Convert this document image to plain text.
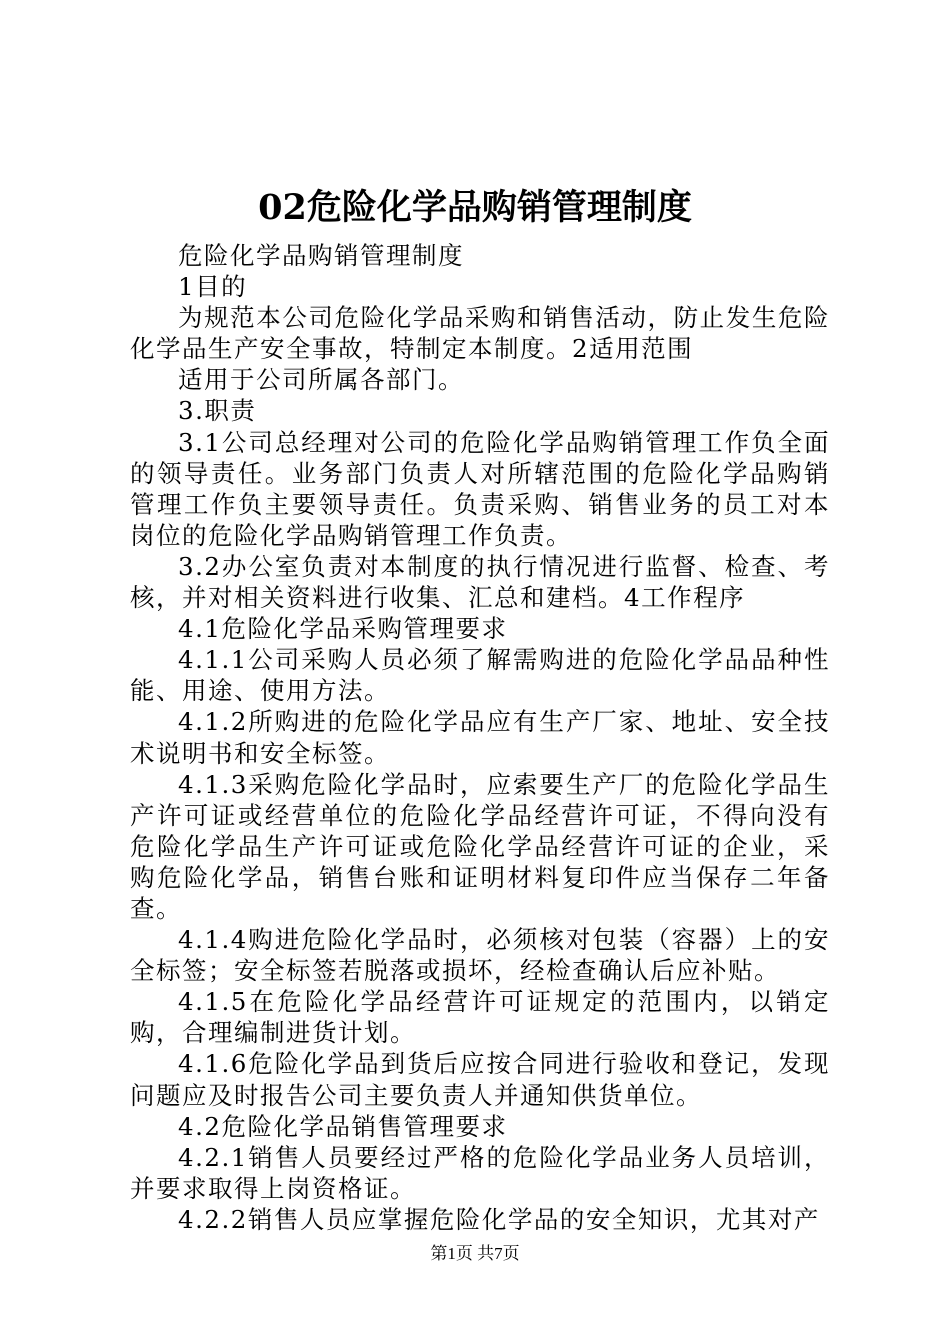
02危险化学品购销管理制度

危险化学品购销管理制度

1目的

为规范本公司危险化学品采购和销售活动，防止发生危险化学品生产安全事故，特制定本制度。2适用范围

适用于公司所属各部门。

3.职责

3.1公司总经理对公司的危险化学品购销管理工作负全面的领导责任。业务部门负责人对所辖范围的危险化学品购销管理工作负主要领导责任。负责采购、销售业务的员工对本岗位的危险化学品购销管理工作负责。

3.2办公室负责对本制度的执行情况进行监督、检查、考核，并对相关资料进行收集、汇总和建档。4工作程序

4.1危险化学品采购管理要求

4.1.1公司采购人员必须了解需购进的危险化学品品种性能、用途、使用方法。

4.1.2所购进的危险化学品应有生产厂家、地址、安全技术说明书和安全标签。

4.1.3采购危险化学品时，应索要生产厂的危险化学品生产许可证或经营单位的危险化学品经营许可证，不得向没有危险化学品生产许可证或危险化学品经营许可证的企业，采购危险化学品，销售台账和证明材料复印件应当保存二年备查。

4.1.4购进危险化学品时，必须核对包装（容器）上的安全标签；安全标签若脱落或损坏，经检查确认后应补贴。

4.1.5在危险化学品经营许可证规定的范围内，以销定购，合理编制进货计划。

4.1.6危险化学品到货后应按合同进行验收和登记，发现问题应及时报告公司主要负责人并通知供货单位。

4.2危险化学品销售管理要求

4.2.1销售人员要经过严格的危险化学品业务人员培训，并要求取得上岗资格证。

4.2.2销售人员应掌握危险化学品的安全知识，尤其对产

第1页 共7页
